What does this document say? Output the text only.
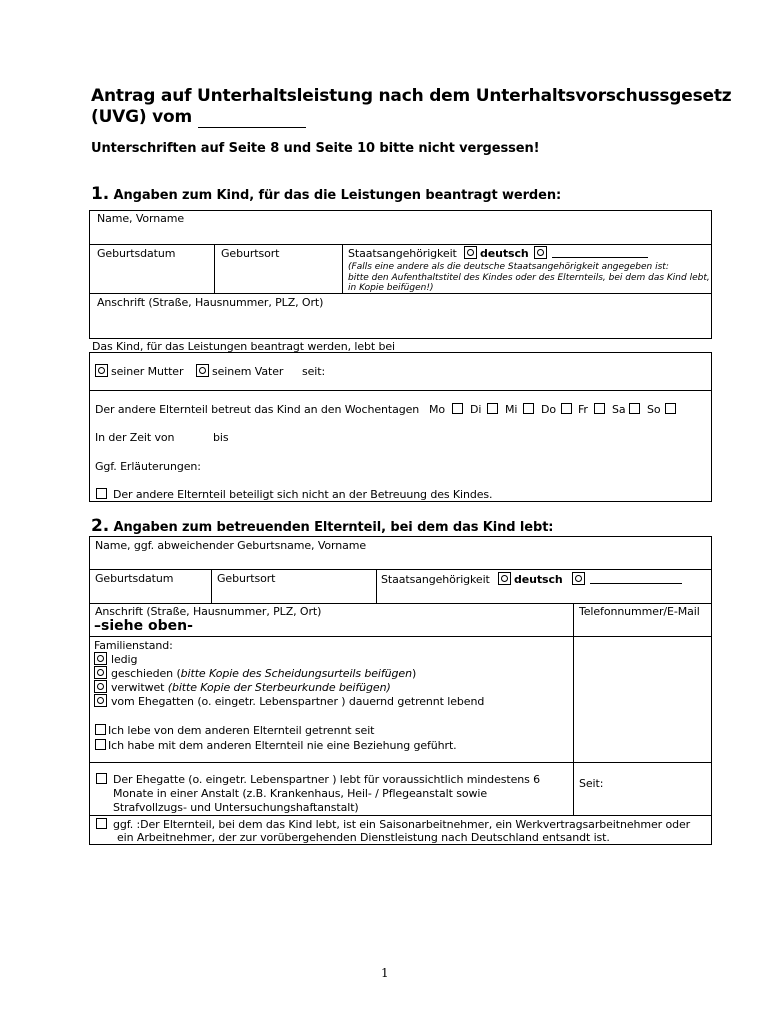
Antrag auf Unterhaltsleistung nach dem Unterhaltsvorschussgesetz
(UVG) vom
Unterschriften auf Seite 8 und Seite 10 bitte nicht vergessen!
1. Angaben zum Kind, für das die Leistungen beantragt werden:
Name, Vorname
Geburtsdatum	Geburtsort	Staatsangehörigkeit deutsch
(Falls eine andere als die deutsche Staatsangehörigkeit angegeben ist:
bitte den Aufenthaltstitel des Kindes oder des Elternteils, bei dem das Kind lebt,
in Kopie beifügen!)
Anschrift (Straße, Hausnummer, PLZ, Ort)
Das Kind, für das Leistungen beantragt werden, lebt bei
seiner Mutter	seinem Vater seit:
Der andere Elternteil betreut das Kind an den Wochentagen Mo Di Mi Do Fr Sa So
In der Zeit von	bis
Ggf. Erläuterungen:
Der andere Elternteil beteiligt sich nicht an der Betreuung des Kindes.
2. Angaben zum betreuenden Elternteil, bei dem das Kind lebt:
Name, ggf. abweichender Geburtsname, Vorname
Geburtsdatum	Geburtsort	Staatsangehörigkeit deutsch
Anschrift (Straße, Hausnummer, PLZ, Ort)
–siehe oben-
Telefonnummer/E-Mail
Familienstand:
ledig
geschieden (bitte Kopie des Scheidungsurteils beifügen)
verwitwet (bitte Kopie der Sterbeurkunde beifügen)
vom Ehegatten (o. eingetr. Lebenspartner ) dauernd getrennt lebend
Ich lebe von dem anderen Elternteil getrennt seit
Ich habe mit dem anderen Elternteil nie eine Beziehung geführt.
Der Ehegatte (o. eingetr. Lebenspartner ) lebt für voraussichtlich mindestens 6
Monate in einer Anstalt (z.B. Krankenhaus, Heil- / Pflegeanstalt sowie
Strafvollzugs- und Untersuchungshaftanstalt)
Seit:
ggf. :Der Elternteil, bei dem das Kind lebt, ist ein Saisonarbeitnehmer, ein Werkvertragsarbeitnehmer oder
ein Arbeitnehmer, der zur vorübergehenden Dienstleistung nach Deutschland entsandt ist.
1
